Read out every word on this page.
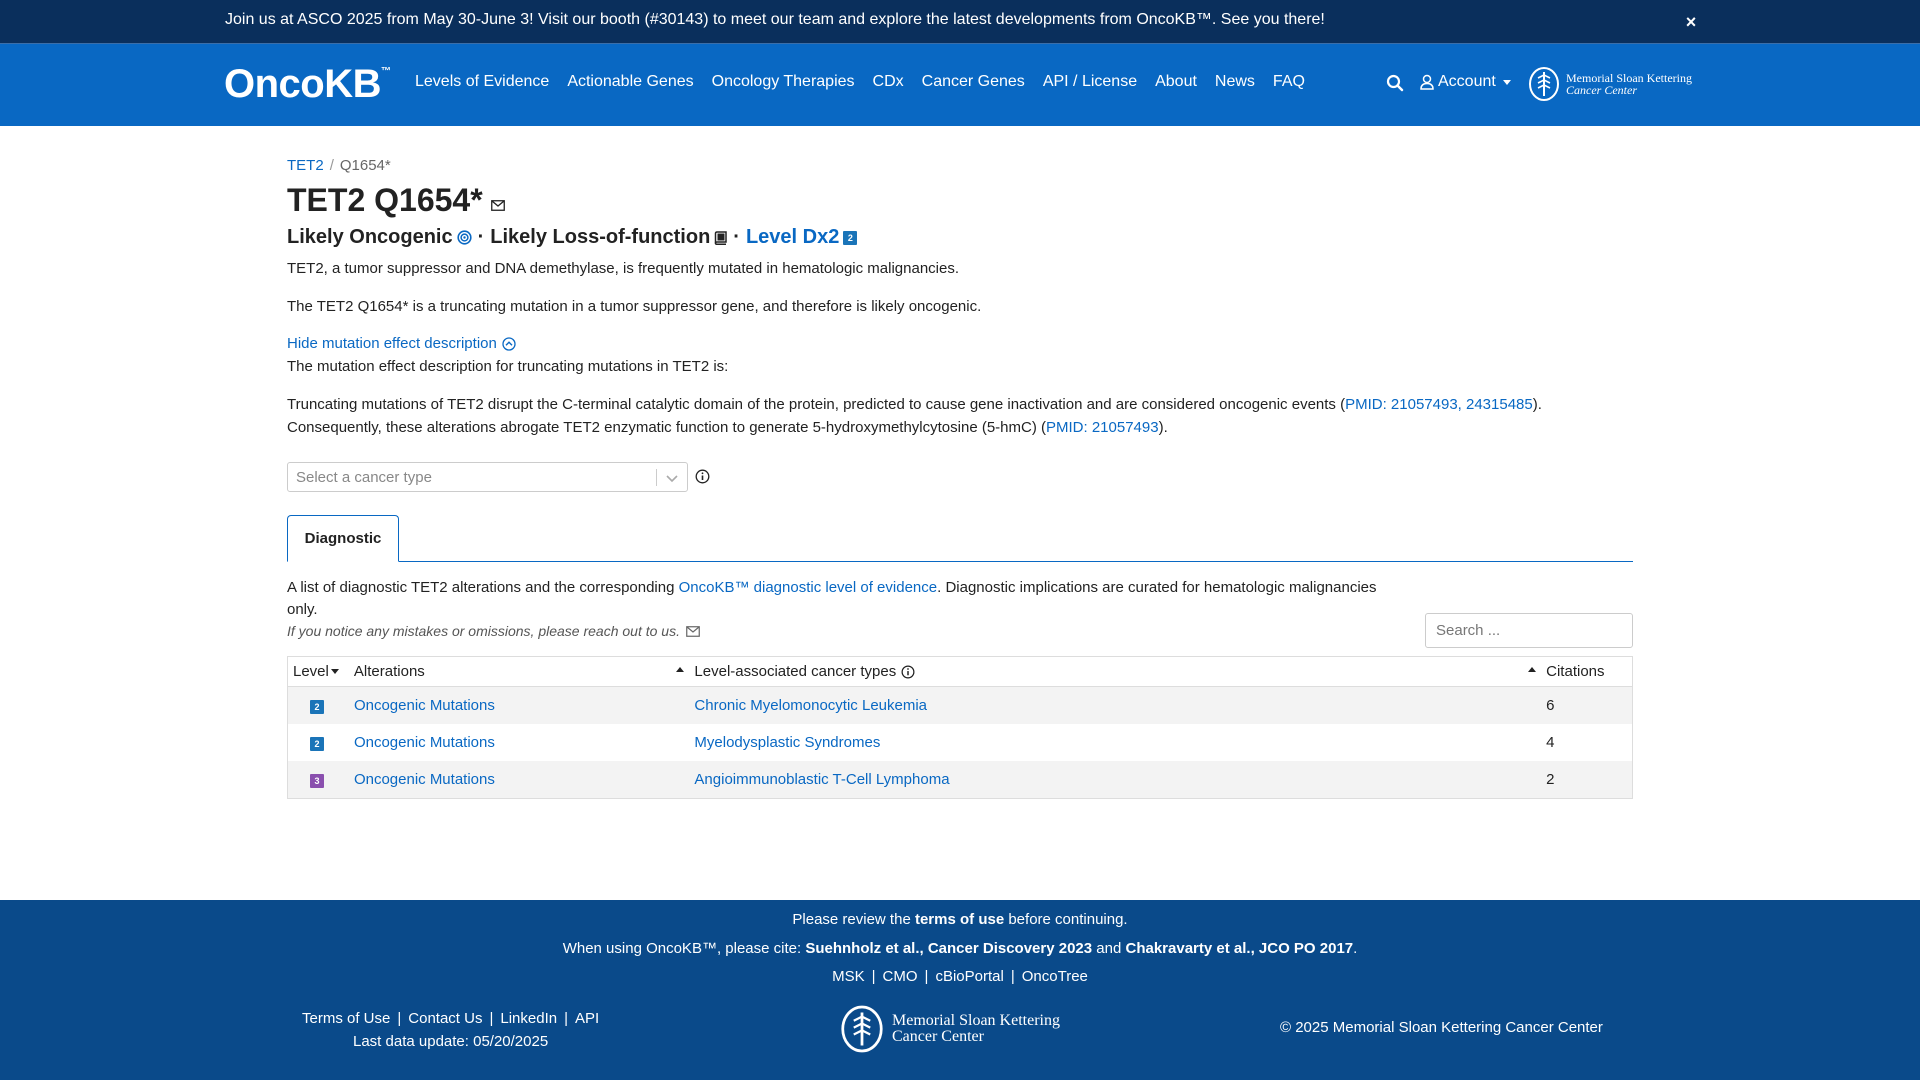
Join us at ASCO 2025 from May 30-June 3! Visit our booth (#30143) to meet our team and explore the latest developments from OncoKB™. See you there!	×
OncoKB™
Levels of Evidence Actionable Genes Oncology Therapies CDx Cancer Genes API / License About News FAQ	Account	Memorial Sloan Kettering
Cancer Center
TET2 / Q1654*
TET2 Q1654*
Likely Oncogenic · Likely Loss-of-function · Level Dx2 2
TET2, a tumor suppressor and DNA demethylase, is frequently mutated in hematologic malignancies.
The TET2 Q1654* is a truncating mutation in a tumor suppressor gene, and therefore is likely oncogenic.
Hide mutation effect description
The mutation effect description for truncating mutations in TET2 is:
Truncating mutations of TET2 disrupt the C-terminal catalytic domain of the protein, predicted to cause gene inactivation and are considered oncogenic events (PMID: 21057493, 24315485). Consequently, these alterations abrogate TET2 enzymatic function to generate 5-hydroxymethylcytosine (5-hmC) (PMID: 21057493).
Select a cancer type
Diagnostic
A list of diagnostic TET2 alterations and the corresponding OncoKB™ diagnostic level of evidence. Diagnostic implications are curated for hematologic malignancies only.
If you notice any mistakes or omissions, please reach out to us.
Search ...
Level Alterations	Level-associated cancer types	Citations
2	Oncogenic Mutations	Chronic Myelomonocytic Leukemia	6
2	Oncogenic Mutations	Myelodysplastic Syndromes	4
3	Oncogenic Mutations	Angioimmunoblastic T-Cell Lymphoma	2
Please review the terms of use before continuing.
When using OncoKB™, please cite: Suehnholz et al., Cancer Discovery 2023 and Chakravarty et al., JCO PO 2017.
MSK | CMO | cBioPortal | OncoTree
Terms of Use | Contact Us | LinkedIn | API
Last data update: 05/20/2025
Memorial Sloan Kettering
Cancer Center
© 2025 Memorial Sloan Kettering Cancer Center
